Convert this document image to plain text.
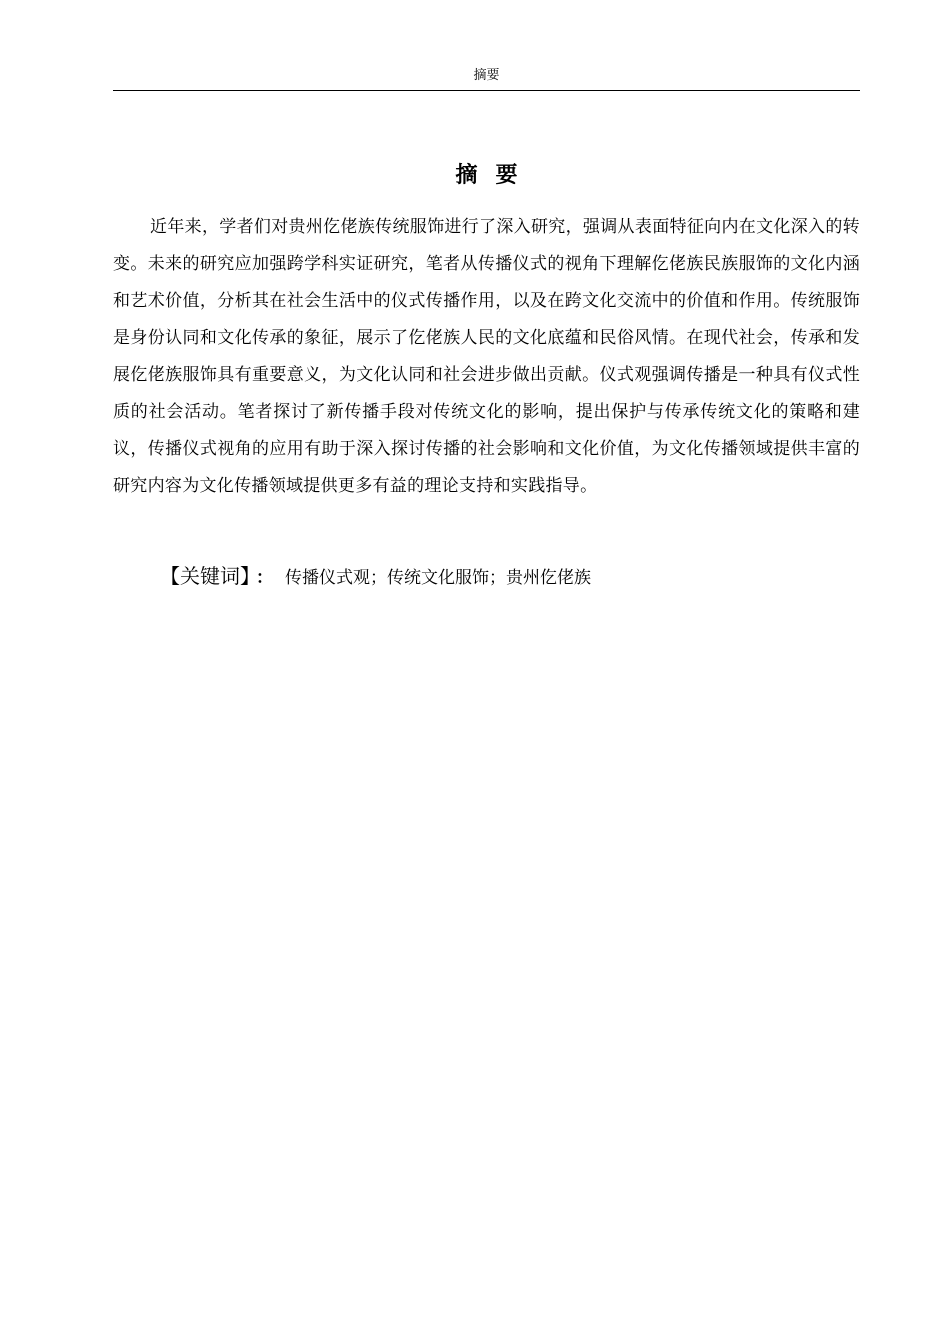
摘要
摘要

近年来，学者们对贵州仡佬族传统服饰进行了深入研究，强调从表面特征向内在文化深入的转变。未来的研究应加强跨学科实证研究，笔者从传播仪式的视角下理解仡佬族民族服饰的文化内涵和艺术价值，分析其在社会生活中的仪式传播作用，以及在跨文化交流中的价值和作用。传统服饰是身份认同和文化传承的象征，展示了仡佬族人民的文化底蕴和民俗风情。在现代社会，传承和发展仡佬族服饰具有重要意义，为文化认同和社会进步做出贡献。仪式观强调传播是一种具有仪式性质的社会活动。笔者探讨了新传播手段对传统文化的影响，提出保护与传承传统文化的策略和建议，传播仪式视角的应用有助于深入探讨传播的社会影响和文化价值，为文化传播领域提供丰富的研究内容为文化传播领域提供更多有益的理论支持和实践指导。

【关键词】 ： 传播仪式观；传统文化服饰；贵州仡佬族
